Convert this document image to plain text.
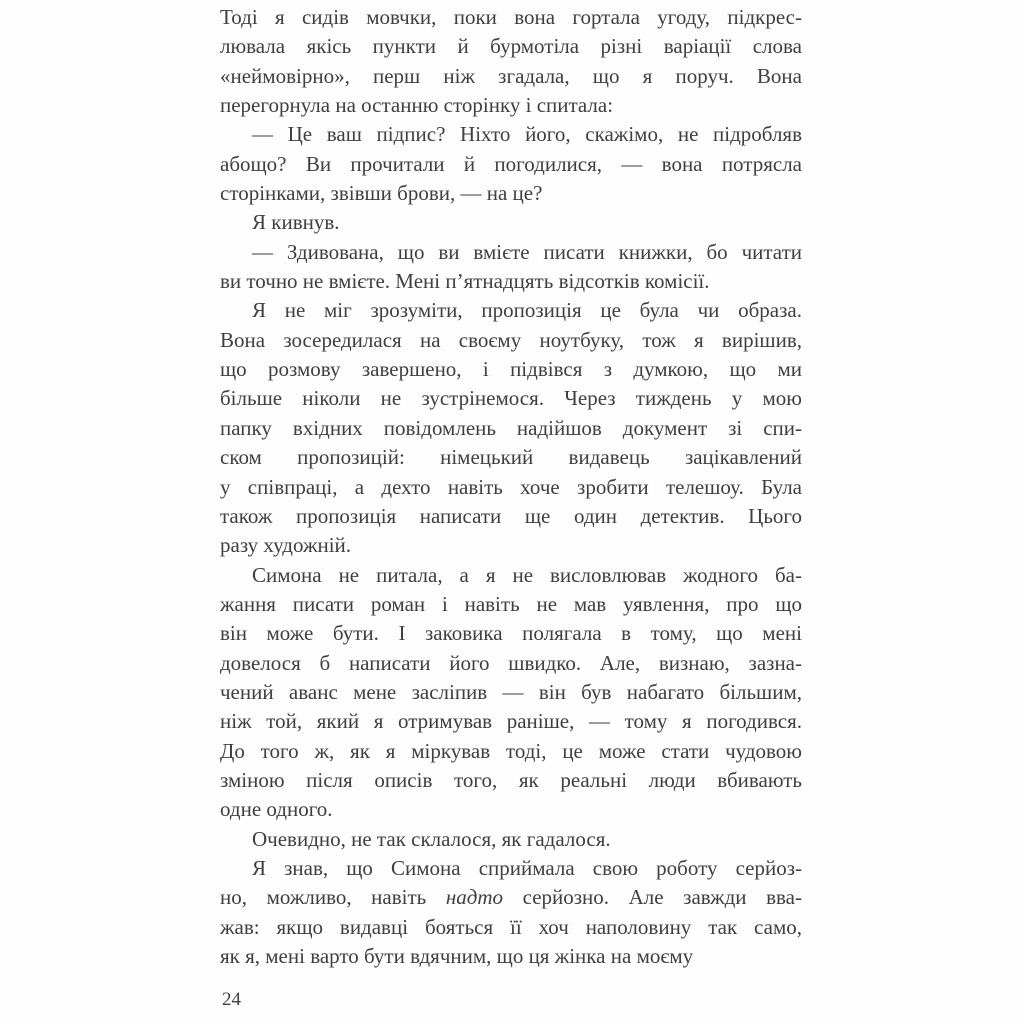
Тоді я сидів мовчки, поки вона гортала угоду, підкрес-
лювала якісь пункти й бурмотіла різні варіації слова
«неймовірно», перш ніж згадала, що я поруч. Вона
перегорнула на останню сторінку і спитала:

— Це ваш підпис? Ніхто його, скажімо, не підробляв
абощо? Ви прочитали й погодилися, — вона потрясла
сторінками, звівши брови, — на це?

Я кивнув.

— Здивована, що ви вмієте писати книжки, бо читати
ви точно не вмієте. Мені п’ятнадцять відсотків комісії.

Я не міг зрозуміти, пропозиція це була чи образа.
Вона зосередилася на своєму ноутбуку, тож я вирішив,
що розмову завершено, і підвівся з думкою, що ми
більше ніколи не зустрінемося. Через тиждень у мою
папку вхідних повідомлень надійшов документ зі спи-
ском пропозицій: німецький видавець зацікавлений
у співпраці, а дехто навіть хоче зробити телешоу. Була
також пропозиція написати ще один детектив. Цього
разу художній.

Симона не питала, а я не висловлював жодного ба-
жання писати роман і навіть не мав уявлення, про що
він може бути. І заковика полягала в тому, що мені
довелося б написати його швидко. Але, визнаю, зазна-
чений аванс мене засліпив — він був набагато більшим,
ніж той, який я отримував раніше, — тому я погодився.
До того ж, як я міркував тоді, це може стати чудовою
зміною після описів того, як реальні люди вбивають
одне одного.

Очевидно, не так склалося, як гадалося.

Я знав, що Симона сприймала свою роботу серйоз-
но, можливо, навіть надто серйозно. Але завжди вва-
жав: якщо видавці бояться її хоч наполовину так само,
як я, мені варто бути вдячним, що ця жінка на моєму

24
